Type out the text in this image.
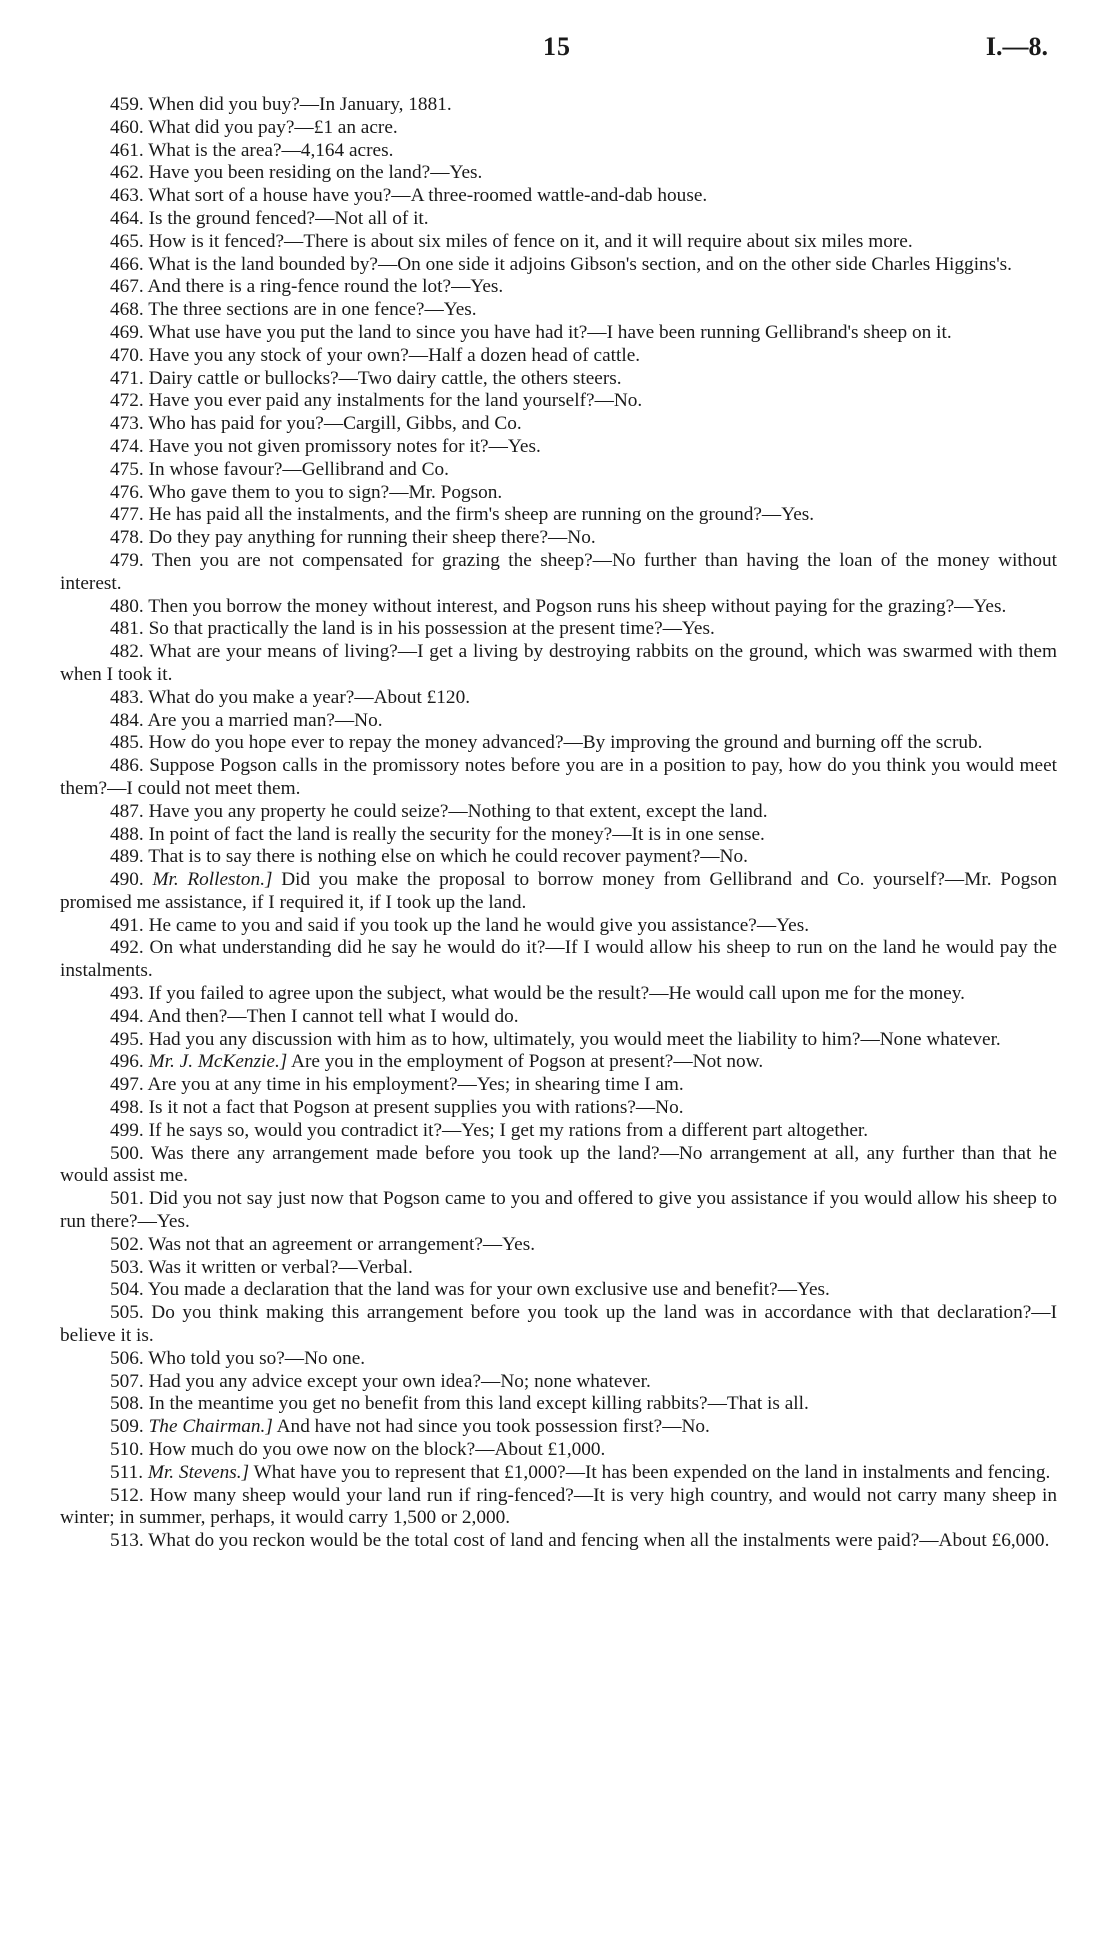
15	I.—8.

459. When did you buy?—In January, 1881.

460. What did you pay?—£1 an acre.

461. What is the area?—4,164 acres.

462. Have you been residing on the land?—Yes.

463. What sort of a house have you?—A three-roomed wattle-and-dab house.

464. Is the ground fenced?—Not all of it.

465. How is it fenced?—There is about six miles of fence on it, and it will require about six miles more.

466. What is the land bounded by?—On one side it adjoins Gibson's section, and on the other side Charles Higgins's.

467. And there is a ring-fence round the lot?—Yes.

468. The three sections are in one fence?—Yes.

469. What use have you put the land to since you have had it?—I have been running Gellibrand's sheep on it.

470. Have you any stock of your own?—Half a dozen head of cattle.

471. Dairy cattle or bullocks?—Two dairy cattle, the others steers.

472. Have you ever paid any instalments for the land yourself?—No.

473. Who has paid for you?—Cargill, Gibbs, and Co.

474. Have you not given promissory notes for it?—Yes.

475. In whose favour?—Gellibrand and Co.

476. Who gave them to you to sign?—Mr. Pogson.

477. He has paid all the instalments, and the firm's sheep are running on the ground?—Yes.

478. Do they pay anything for running their sheep there?—No.

479. Then you are not compensated for grazing the sheep?—No further than having the loan of the money without interest.

480. Then you borrow the money without interest, and Pogson runs his sheep without paying for the grazing?—Yes.

481. So that practically the land is in his possession at the present time?—Yes.

482. What are your means of living?—I get a living by destroying rabbits on the ground, which was swarmed with them when I took it.

483. What do you make a year?—About £120.

484. Are you a married man?—No.

485. How do you hope ever to repay the money advanced?—By improving the ground and burning off the scrub.

486. Suppose Pogson calls in the promissory notes before you are in a position to pay, how do you think you would meet them?—I could not meet them.

487. Have you any property he could seize?—Nothing to that extent, except the land.

488. In point of fact the land is really the security for the money?—It is in one sense.

489. That is to say there is nothing else on which he could recover payment?—No.

490. Mr. Rolleston.] Did you make the proposal to borrow money from Gellibrand and Co. yourself?—Mr. Pogson promised me assistance, if I required it, if I took up the land.

491. He came to you and said if you took up the land he would give you assistance?—Yes.

492. On what understanding did he say he would do it?—If I would allow his sheep to run on the land he would pay the instalments.

493. If you failed to agree upon the subject, what would be the result?—He would call upon me for the money.

494. And then?—Then I cannot tell what I would do.

495. Had you any discussion with him as to how, ultimately, you would meet the liability to him?—None whatever.

496. Mr. J. McKenzie.] Are you in the employment of Pogson at present?—Not now.

497. Are you at any time in his employment?—Yes; in shearing time I am.

498. Is it not a fact that Pogson at present supplies you with rations?—No.

499. If he says so, would you contradict it?—Yes; I get my rations from a different part altogether.

500. Was there any arrangement made before you took up the land?—No arrangement at all, any further than that he would assist me.

501. Did you not say just now that Pogson came to you and offered to give you assistance if you would allow his sheep to run there?—Yes.

502. Was not that an agreement or arrangement?—Yes.

503. Was it written or verbal?—Verbal.

504. You made a declaration that the land was for your own exclusive use and benefit?—Yes.

505. Do you think making this arrangement before you took up the land was in accordance with that declaration?—I believe it is.

506. Who told you so?—No one.

507. Had you any advice except your own idea?—No; none whatever.

508. In the meantime you get no benefit from this land except killing rabbits?—That is all.

509. The Chairman.] And have not had since you took possession first?—No.

510. How much do you owe now on the block?—About £1,000.

511. Mr. Stevens.] What have you to represent that £1,000?—It has been expended on the land in instalments and fencing.

512. How many sheep would your land run if ring-fenced?—It is very high country, and would not carry many sheep in winter; in summer, perhaps, it would carry 1,500 or 2,000.

513. What do you reckon would be the total cost of land and fencing when all the instalments were paid?—About £6,000.
